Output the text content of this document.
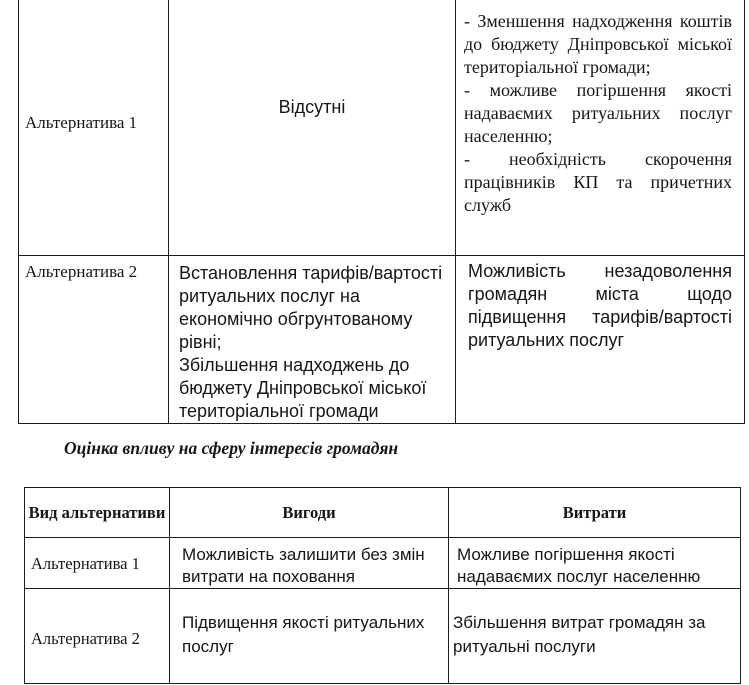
Альтернатива 1	Відсутні	- Зменшення надходження коштів до бюджету Дніпровської міської територіальної громади;
- можливе погіршення якості надаваємих ритуальних послуг населенню;
- необхідність скорочення працівників КП та причетних служб

Альтернатива 2	Встановлення тарифів/вартості ритуальних послуг на економічно обгрунтованому рівні;
Збільшення надходжень до бюджету Дніпровської міської територіальної громади	Можливість незадоволення громадян міста щодо підвищення тарифів/вартості ритуальних послуг
Оцінка впливу на сферу інтересів громадян
Вид альтернативи	Вигоди	Витрати
Альтернатива 1	Можливість залишити без змін витрати на поховання	Можливе погіршення якості надаваємих послуг населенню
Альтернатива 2	Підвищення якості ритуальних послуг	Збільшення витрат громадян за ритуальні послуги
